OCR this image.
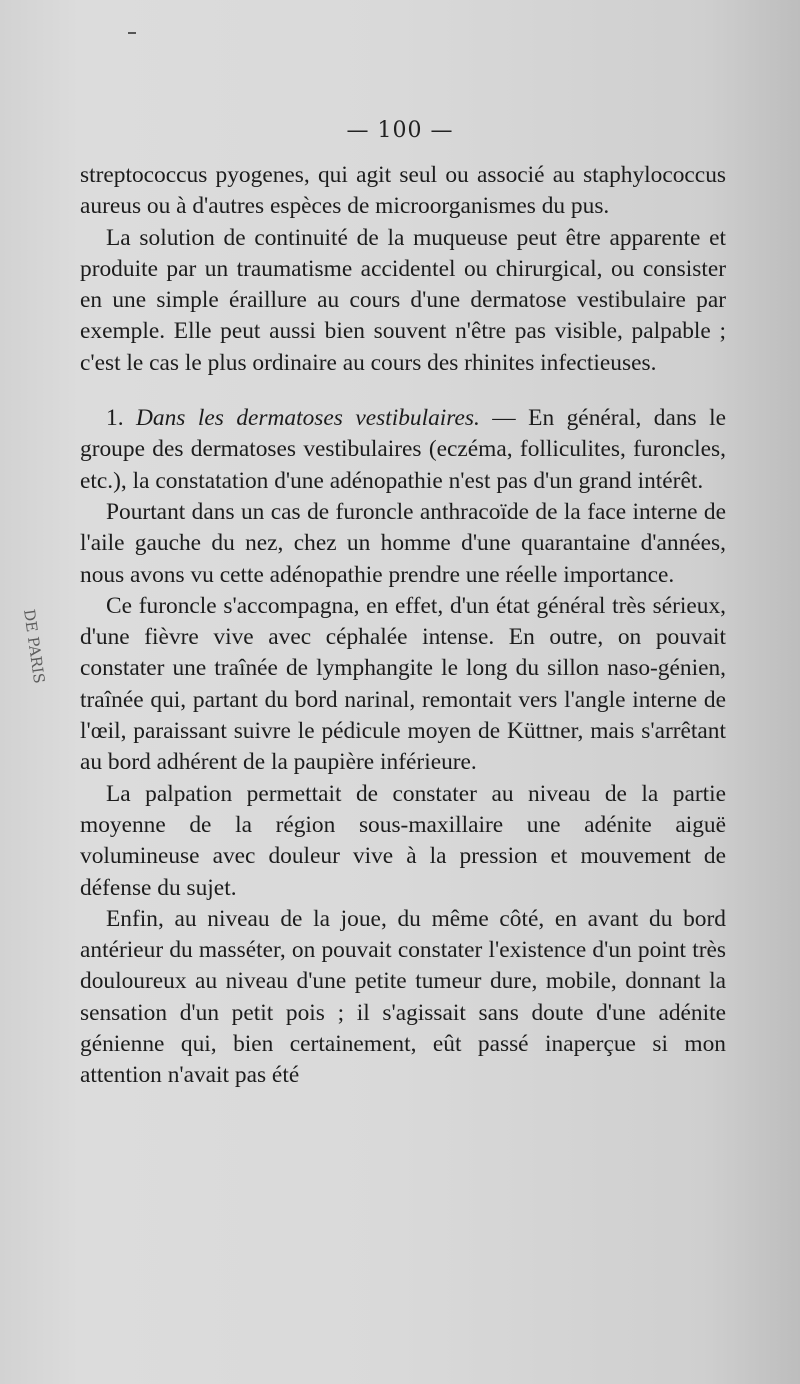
— 100 —
DE PARIS

streptococcus pyogenes, qui agit seul ou associé au staphylococcus aureus ou à d'autres espèces de microorganismes du pus.

La solution de continuité de la muqueuse peut être apparente et produite par un traumatisme accidentel ou chirurgical, ou consister en une simple éraillure au cours d'une dermatose vestibulaire par exemple. Elle peut aussi bien souvent n'être pas visible, palpable ; c'est le cas le plus ordinaire au cours des rhinites infectieuses.

1. Dans les dermatoses vestibulaires. — En général, dans le groupe des dermatoses vestibulaires (eczéma, folliculites, furoncles, etc.), la constatation d'une adénopathie n'est pas d'un grand intérêt.

Pourtant dans un cas de furoncle anthracoïde de la face interne de l'aile gauche du nez, chez un homme d'une quarantaine d'années, nous avons vu cette adénopathie prendre une réelle importance.

Ce furoncle s'accompagna, en effet, d'un état général très sérieux, d'une fièvre vive avec céphalée intense. En outre, on pouvait constater une traînée de lymphangite le long du sillon naso-génien, traînée qui, partant du bord narinal, remontait vers l'angle interne de l'œil, paraissant suivre le pédicule moyen de Küttner, mais s'arrêtant au bord adhérent de la paupière inférieure.

La palpation permettait de constater au niveau de la partie moyenne de la région sous-maxillaire une adénite aiguë volumineuse avec douleur vive à la pression et mouvement de défense du sujet.

Enfin, au niveau de la joue, du même côté, en avant du bord antérieur du masséter, on pouvait constater l'existence d'un point très douloureux au niveau d'une petite tumeur dure, mobile, donnant la sensation d'un petit pois ; il s'agissait sans doute d'une adénite génienne qui, bien certainement, eût passé inaperçue si mon attention n'avait pas été
